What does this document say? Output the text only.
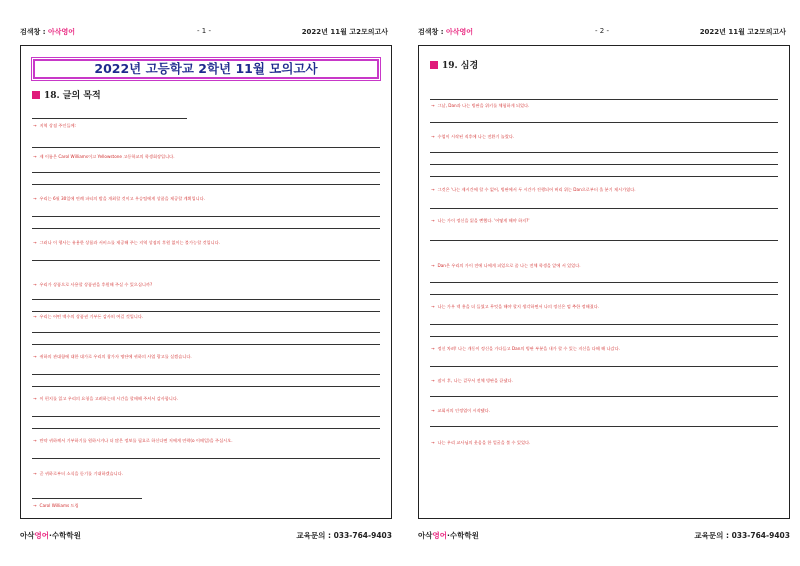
검색창 : 아삭영어	- 1 -	2022년 11월 고2모의고사
2022년 고등학교 2학년 11월 모의고사
18. 글의 목적
→ 지역 상점 주인들께:
→ 제 이름은 Carol Williams이고 Yellowstone 고등학교의 학생회장입니다.
→ 우리는 6월 30일에 연례 파티의 밤을 개최할 것이고 우승팀에게 상품을 제공할 계획입니다.
→ 그러나 이 행사는 유용한 상품과 서비스를 제공해 주는 지역 상점의 후원 없이는 불가능할 것입니다.
→ 우리가 상품으로 사용할 상품권을 후원해 주실 수 있으십니까?
→ 우리는 어떤 액수의 상품권 기부든 감사히 여길 것입니다.
→ 귀하의 관대함에 대한 대가로 우리의 참가자 명단에 귀하의 사업 광고를 실겠습니다.
→ 이 편지를 읽고 우리의 요청을 고려하는데 시간을 할애해 주셔서 감사합니다.
→ 만약 귀하께서 기부하기를 원하시거나 더 많은 정보를 필요로 하신다면 저에게 연락(o 이메일)을 주십시오.
→ 곧 귀하로부터 소식을 듣기를 기대하겠습니다.
→ Carol Williams 드림
아삭영어·수학학원	교육문의 : 033-764-9403
검색창 : 아삭영어	- 2 -	2022년 11월 고2모의고사
19. 심경
→ 그날, Dan과 나는 빙판을 위키를 체험하게 되었다.
→ 수업이 시작된 직후에 나는 전환기 놀랐다.
→ 그것은 '나는 제시간에 할 수 없어, 빙판에서 두 시간가 진행되어 버리 위는 Dan으로부터 올 분기 제시가였다.
→ 나는 가이 정신을 잃을 뻔했다. '어떻게 해야 하지?'
→ Dan은 우리의 가이 전에 나에게 피었으로 좀 나는 전체 학생을 앞에 서 있었다.
→ 나는 가우 넥 흥을 더 들였고 무엇을 해야 할지 생각하면서 나의 정신은 멈 추한 정해졌다.
→ 정신 차려! 나는 개동이 정신을 가다듬고 Dan의 빙판 부분을 내가 할 수 있는 지신을 다해 해 나갔다.
→ 잠시 후, 나는 겉꾸서 전체 빙판을 끝냈다.
→ 교회서의 인정업이 시작됐다.
→ 나는 우리 교사님의 웃음을 한 얼굴을 볼 수 있었다.
아삭영어·수학학원	교육문의 : 033-764-9403
